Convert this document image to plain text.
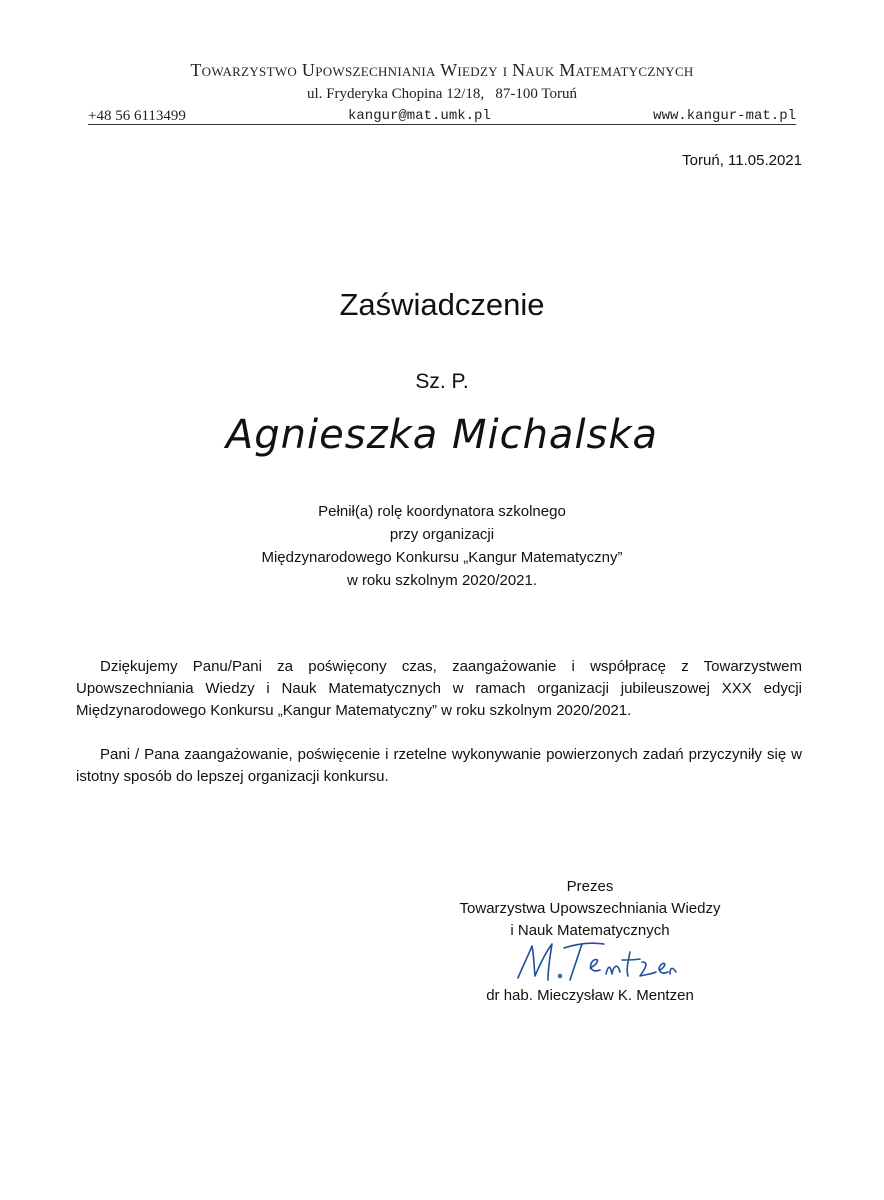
Towarzystwo Upowszechniania Wiedzy i Nauk Matematycznych
ul. Fryderyka Chopina 12/18,   87-100 Toruń
+48 56 6113499	kangur@mat.umk.pl	www.kangur-mat.pl
Toruń, 11.05.2021
Zaświadczenie
Sz. P.
Agnieszka Michalska
Pełnił(a) rolę koordynatora szkolnego
przy organizacji
Międzynarodowego Konkursu „Kangur Matematyczny”
w roku szkolnym 2020/2021.
Dziękujemy Panu/Pani za poświęcony czas, zaangażowanie i współpracę z Towarzystwem Upowszechniania Wiedzy i Nauk Matematycznych w ramach organizacji jubileuszowej XXX edycji Międzynarodowego Konkursu „Kangur Matematyczny” w roku szkolnym 2020/2021.
Pani / Pana zaangażowanie, poświęcenie i rzetelne wykonywanie powierzonych zadań przyczyniły się w istotny sposób do lepszej organizacji konkursu.
Prezes
Towarzystwa Upowszechniania Wiedzy
i Nauk Matematycznych
dr hab. Mieczysław K. Mentzen
